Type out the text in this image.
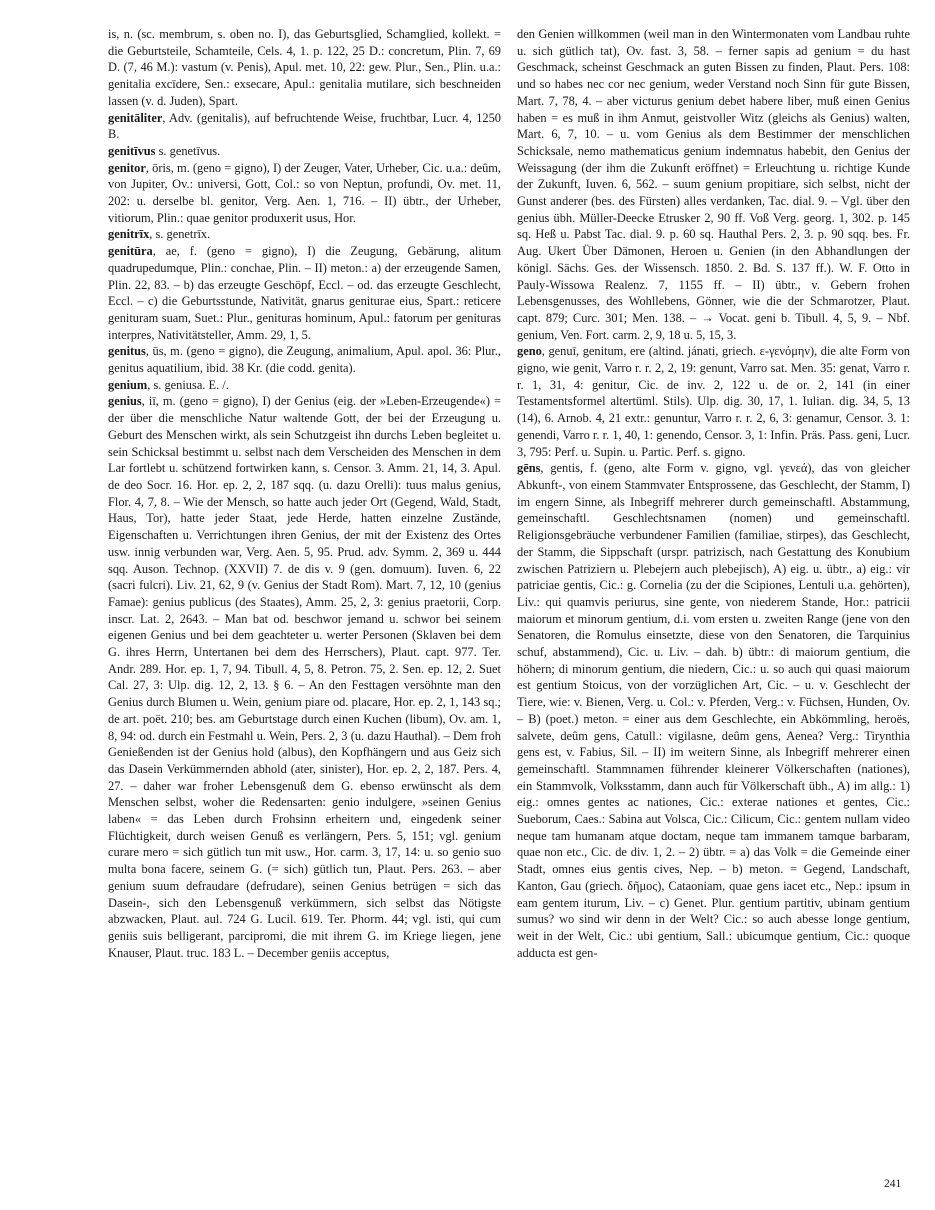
is, n. (sc. membrum, s. oben no. I), das Geburtsglied, Schamglied, kollekt. = die Geburtsteile, Schamteile, Cels. 4, 1. p. 122, 25 D.: concretum, Plin. 7, 69 D. (7, 46 M.): vastum (v. Penis), Apul. met. 10, 22: gew. Plur., Sen., Plin. u.a.: genitalia excīdere, Sen.: exsecare, Apul.: genitalia mutilare, sich beschneiden lassen (v. d. Juden), Spart.

genitāliter, Adv. (genitalis), auf befruchtende Weise, fruchtbar, Lucr. 4, 1250 B.

genitīvus s. genetīvus.

genitor, ōris, m. (geno = gigno), I) der Zeuger, Vater, Urheber, Cic. u.a.: deûm, von Jupiter, Ov.: universi, Gott, Col.: so von Neptun, profundi, Ov. met. 11, 202: u. derselbe bl. genitor, Verg. Aen. 1, 716. – II) übtr., der Urheber, vitiorum, Plin.: quae genitor produxerit usus, Hor.

genitrīx, s. genetrīx.

genitūra, ae, f. (geno = gigno), I) die Zeugung, Gebärung, alitum quadrupedumque, Plin.: conchae, Plin. – II) meton.: a) der erzeugende Samen, Plin. 22, 83. – b) das erzeugte Geschöpf, Eccl. – od. das erzeugte Geschlecht, Eccl. – c) die Geburtsstunde, Nativität, gnarus geniturae eius, Spart.: reticere genituram suam, Suet.: Plur., genituras hominum, Apul.: fatorum per genituras interpres, Nativitätsteller, Amm. 29, 1, 5.

genitus, ūs, m. (geno = gigno), die Zeugung, animalium, Apul. apol. 36: Plur., genitus aquatilium, ibid. 38 Kr. (die codd. genita).

genium, s. geniusa. E. /.

genius, iī, m. (geno = gigno), I) der Genius (eig. der »Leben-Erzeugende«) = der über die menschliche Natur waltende Gott, der bei der Erzeugung u. Geburt des Menschen wirkt, als sein Schutzgeist ihn durchs Leben begleitet u. sein Schicksal bestimmt u. selbst nach dem Verscheiden des Menschen in dem Lar fortlebt u. schützend fortwirken kann, s. Censor. 3. Amm. 21, 14, 3. Apul. de deo Socr. 16. Hor. ep. 2, 2, 187 sqq. (u. dazu Orelli): tuus malus genius, Flor. 4, 7, 8. – Wie der Mensch, so hatte auch jeder Ort (Gegend, Wald, Stadt, Haus, Tor), hatte jeder Staat, jede Herde, hatten einzelne Zustände, Eigenschaften u. Verrichtungen ihren Genius, der mit der Existenz des Ortes usw. innig verbunden war, Verg. Aen. 5, 95. Prud. adv. Symm. 2, 369 u. 444 sqq. Auson. Technop. (XXVII) 7. de dis v. 9 (gen. domuum). Iuven. 6, 22 (sacri fulcri). Liv. 21, 62, 9 (v. Genius der Stadt Rom). Mart. 7, 12, 10 (genius Famae): genius publicus (des Staates), Amm. 25, 2, 3: genius praetorii, Corp. inscr. Lat. 2, 2643. – Man bat od. beschwor jemand u. schwor bei seinem eigenen Genius und bei dem geachteter u. werter Personen (Sklaven bei dem G. ihres Herrn, Untertanen bei dem des Herrschers), Plaut. capt. 977. Ter. Andr. 289. Hor. ep. 1, 7, 94. Tibull. 4, 5, 8. Petron. 75, 2. Sen. ep. 12, 2. Suet Cal. 27, 3: Ulp. dig. 12, 2, 13. § 6. – An den Festtagen versöhnte man den Genius durch Blumen u. Wein, genium piare od. placare, Hor. ep. 2, 1, 143 sq.; de art. poët. 210; bes. am Geburtstage durch einen Kuchen (libum), Ov. am. 1, 8, 94: od. durch ein Festmahl u. Wein, Pers. 2, 3 (u. dazu Hauthal). – Dem froh Genießenden ist der Genius hold (albus), den Kopfhängern und aus Geiz sich das Dasein Verkümmernden abhold (ater, sinister), Hor. ep. 2, 2, 187. Pers. 4, 27. – daher war froher Lebensgenuß dem G. ebenso erwünscht als dem Menschen selbst, woher die Redensarten: genio indulgere, »seinen Genius laben« = das Leben durch Frohsinn erheitern und, eingedenk seiner Flüchtigkeit, durch weisen Genuß es verlängern, Pers. 5, 151; vgl. genium curare mero = sich gütlich tun mit usw., Hor. carm. 3, 17, 14: u. so genio suo multa bona facere, seinem G. (= sich) gütlich tun, Plaut. Pers. 263. – aber genium suum defraudare (defrudare), seinen Genius betrügen = sich das Dasein-, sich den Lebensgenuß verkümmern, sich selbst das Nötigste abzwacken, Plaut. aul. 724 G. Lucil. 619. Ter. Phorm. 44; vgl. isti, qui cum geniis suis belligerant, parcipromi, die mit ihrem G. im Kriege liegen, jene Knauser, Plaut. truc. 183 L. – December geniis acceptus,

den Genien willkommen (weil man in den Wintermonaten vom Landbau ruhte u. sich gütlich tat), Ov. fast. 3, 58. – ferner sapis ad genium = du hast Geschmack, scheinst Geschmack an guten Bissen zu finden, Plaut. Pers. 108: und so habes nec cor nec genium, weder Verstand noch Sinn für gute Bissen, Mart. 7, 78, 4. – aber victurus genium debet habere liber, muß einen Genius haben = es muß in ihm Anmut, geistvoller Witz (gleichs als Genius) walten, Mart. 6, 7, 10. – u. vom Genius als dem Bestimmer der menschlichen Schicksale, nemo mathematicus genium indemnatus habebit, den Genius der Weissagung (der ihm die Zukunft eröffnet) = Erleuchtung u. richtige Kunde der Zukunft, Iuven. 6, 562. – suum genium propitiare, sich selbst, nicht der Gunst anderer (bes. des Fürsten) alles verdanken, Tac. dial. 9. – Vgl. über den genius übh. Müller-Deecke Etrusker 2, 90 ff. Voß Verg. georg. 1, 302. p. 145 sq. Heß u. Pabst Tac. dial. 9. p. 60 sq. Hauthal Pers. 2, 3. p. 90 sqq. bes. Fr. Aug. Ukert Über Dämonen, Heroen u. Genien (in den Abhandlungen der königl. Sächs. Ges. der Wissensch. 1850. 2. Bd. S. 137 ff.). W. F. Otto in Pauly-Wissowa Realenz. 7, 1155 ff. – II) übtr., v. Gebern frohen Lebensgenusses, des Wohllebens, Gönner, wie die der Schmarotzer, Plaut. capt. 879; Curc. 301; Men. 138. – → Vocat. geni b. Tibull. 4, 5, 9. – Nbf. genium, Ven. Fort. carm. 2, 9, 18 u. 5, 15, 3.

geno, genuī, genitum, ere (altind. jánati, griech. ε-γενόμην), die alte Form von gigno, wie genit, Varro r. r. 2, 2, 19: genunt, Varro sat. Men. 35: genat, Varro r. r. 1, 31, 4: genitur, Cic. de inv. 2, 122 u. de or. 2, 141 (in einer Testamentsformel altertüml. Stils). Ulp. dig. 30, 17, 1. Iulian. dig. 34, 5, 13 (14), 6. Arnob. 4, 21 extr.: genuntur, Varro r. r. 2, 6, 3: genamur, Censor. 3. 1: genendi, Varro r. r. 1, 40, 1: genendo, Censor. 3, 1: Infin. Präs. Pass. geni, Lucr. 3, 795: Perf. u. Supin. u. Partic. Perf. s. gigno.

gēns, gentis, f. (geno, alte Form v. gigno, vgl. γενεά), das von gleicher Abkunft-, von einem Stammvater Entsprossene, das Geschlecht, der Stamm, I) im engern Sinne, als Inbegriff mehrerer durch gemeinschaftl. Abstammung, gemeinschaftl. Geschlechtsnamen (nomen) und gemeinschaftl. Religionsgebräuche verbundener Familien (familiae, stirpes), das Geschlecht, der Stamm, die Sippschaft (urspr. patrizisch, nach Gestattung des Konubium zwischen Patriziern u. Plebejern auch plebejisch), A) eig. u. übtr., a) eig.: vir patriciae gentis, Cic.: g. Cornelia (zu der die Scipiones, Lentuli u.a. gehörten), Liv.: qui quamvis periurus, sine gente, von niederem Stande, Hor.: patricii maiorum et minorum gentium, d.i. vom ersten u. zweiten Range (jene von den Senatoren, die Romulus einsetzte, diese von den Senatoren, die Tarquinius schuf, abstammend), Cic. u. Liv. – dah. b) übtr.: di maiorum gentium, die höhern; di minorum gentium, die niedern, Cic.: u. so auch qui quasi maiorum est gentium Stoicus, von der vorzüglichen Art, Cic. – u. v. Geschlecht der Tiere, wie: v. Bienen, Verg. u. Col.: v. Pferden, Verg.: v. Füchsen, Hunden, Ov. – B) (poet.) meton. = einer aus dem Geschlechte, ein Abkömmling, heroës, salvete, deûm gens, Catull.: vigilasne, deûm gens, Aenea? Verg.: Tirynthia gens est, v. Fabius, Sil. – II) im weitern Sinne, als Inbegriff mehrerer einen gemeinschaftl. Stammnamen führender kleinerer Völkerschaften (nationes), ein Stammvolk, Volksstamm, dann auch für Völkerschaft übh., A) im allg.: 1) eig.: omnes gentes ac nationes, Cic.: exterae nationes et gentes, Cic.: Sueborum, Caes.: Sabina aut Volsca, Cic.: Cilicum, Cic.: gentem nullam video neque tam humanam atque doctam, neque tam immanem tamque barbaram, quae non etc., Cic. de div. 1, 2. – 2) übtr. = a) das Volk = die Gemeinde einer Stadt, omnes eius gentis cives, Nep. – b) meton. = Gegend, Landschaft, Kanton, Gau (griech. δῆμος), Cataoniam, quae gens iacet etc., Nep.: ipsum in eam gentem iturum, Liv. – c) Genet. Plur. gentium partitiv, ubinam gentium sumus? wo sind wir denn in der Welt? Cic.: so auch abesse longe gentium, weit in der Welt, Cic.: ubi gentium, Sall.: ubicumque gentium, Cic.: quoque adducta est gen-

241
